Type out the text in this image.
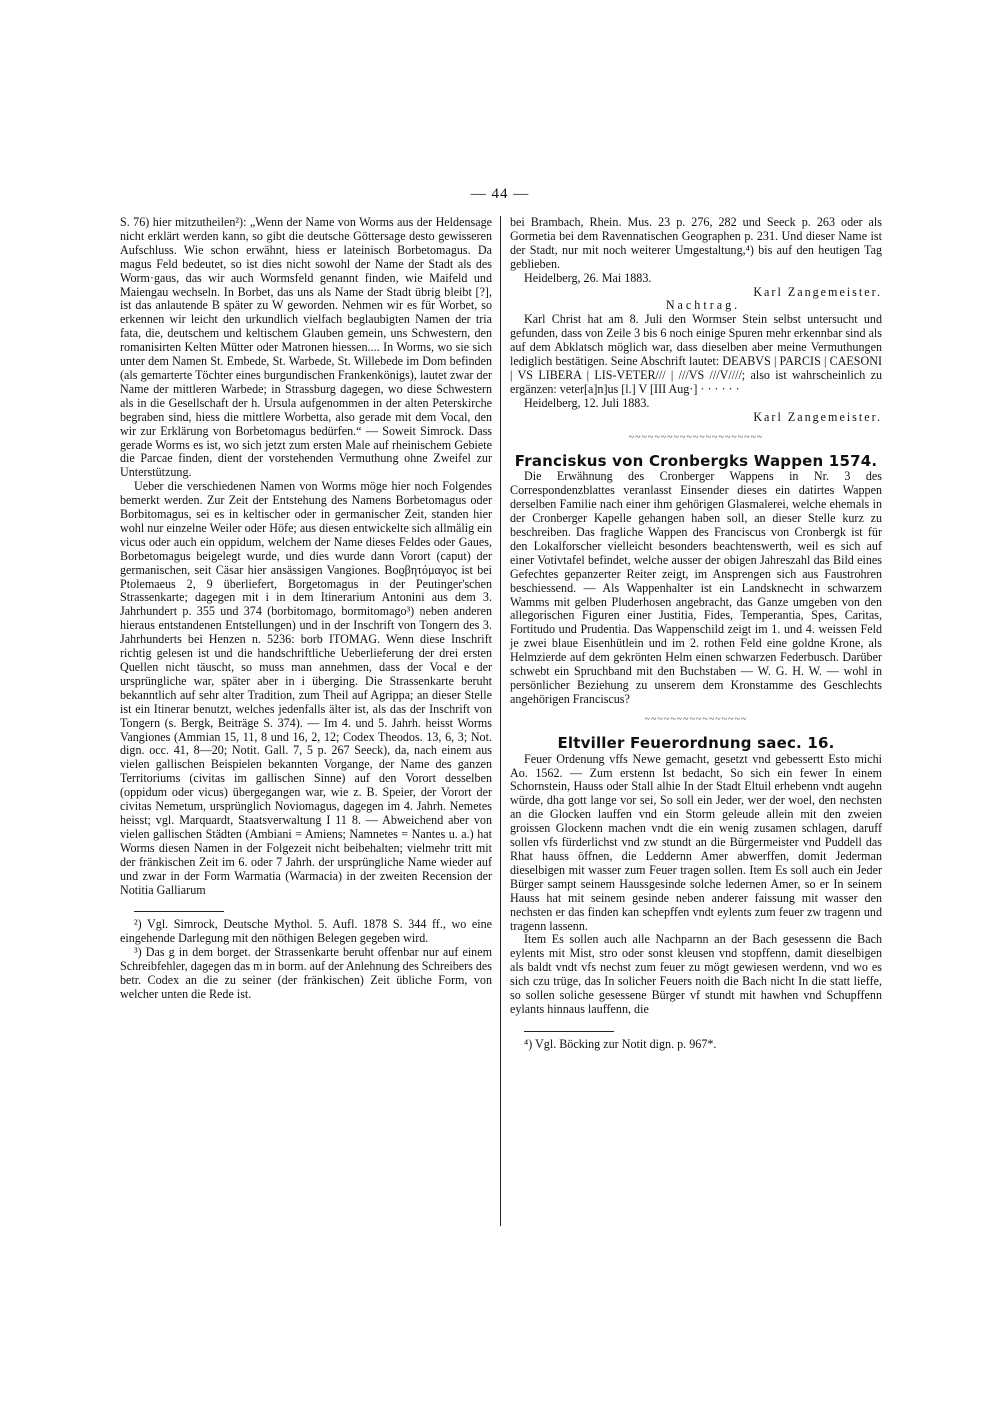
— 44 —

S. 76) hier mitzutheilen²): „Wenn der Name von Worms aus der Heldensage nicht erklärt werden kann, so gibt die deutsche Göttersage desto gewisseren Aufschluss. Wie schon erwähnt, hiess er lateinisch Borbetomagus. Da magus Feld bedeutet, so ist dies nicht sowohl der Name der Stadt als des Worm·gaus, das wir auch Wormsfeld genannt finden, wie Maifeld und Maiengau wechseln. In Borbet, das uns als Name der Stadt übrig bleibt [?], ist das anlautende B später zu W geworden. Nehmen wir es für Worbet, so erkennen wir leicht den urkundlich vielfach beglaubigten Namen der tria fata, die, deutschem und keltischem Glauben gemein, uns Schwestern, den romanisirten Kelten Mütter oder Matronen hiessen.... In Worms, wo sie sich unter dem Namen St. Embede, St. Warbede, St. Willebede im Dom befinden (als gemarterte Töchter eines burgundischen Frankenkönigs), lautet zwar der Name der mittleren Warbede; in Strassburg dagegen, wo diese Schwestern als in die Gesellschaft der h. Ursula aufgenommen in der alten Peterskirche begraben sind, hiess die mittlere Worbetta, also gerade mit dem Vocal, den wir zur Erklärung von Borbetomagus bedürfen.“ — Soweit Simrock. Dass gerade Worms es ist, wo sich jetzt zum ersten Male auf rheinischem Gebiete die Parcae finden, dient der vorstehenden Vermuthung ohne Zweifel zur Unterstützung.

Ueber die verschiedenen Namen von Worms möge hier noch Folgendes bemerkt werden. Zur Zeit der Entstehung des Namens Borbetomagus oder Borbitomagus, sei es in keltischer oder in germanischer Zeit, standen hier wohl nur einzelne Weiler oder Höfe; aus diesen entwickelte sich allmälig ein vicus oder auch ein oppidum, welchem der Name dieses Feldes oder Gaues, Borbetomagus beigelegt wurde, und dies wurde dann Vorort (caput) der germanischen, seit Cäsar hier ansässigen Vangiones. Βοϱβητόμαγος ist bei Ptolemaeus 2, 9 überliefert, Borgetomagus in der Peutinger'schen Strassenkarte; dagegen mit i in dem Itinerarium Antonini aus dem 3. Jahrhundert p. 355 und 374 (borbitomago, bormitomago³) neben anderen hieraus entstandenen Entstellungen) und in der Inschrift von Tongern des 3. Jahrhunderts bei Henzen n. 5236: borb ITOMAG. Wenn diese Inschrift richtig gelesen ist und die handschriftliche Ueberlieferung der drei ersten Quellen nicht täuscht, so muss man annehmen, dass der Vocal e der ursprüngliche war, später aber in i überging. Die Strassenkarte beruht bekanntlich auf sehr alter Tradition, zum Theil auf Agrippa; an dieser Stelle ist ein Itinerar benutzt, welches jedenfalls älter ist, als das der Inschrift von Tongern (s. Bergk, Beiträge S. 374). — Im 4. und 5. Jahrh. heisst Worms Vangiones (Ammian 15, 11, 8 und 16, 2, 12; Codex Theodos. 13, 6, 3; Not. dign. occ. 41, 8—20; Notit. Gall. 7, 5 p. 267 Seeck), da, nach einem aus vielen gallischen Beispielen bekannten Vorgange, der Name des ganzen Territoriums (civitas im gallischen Sinne) auf den Vorort desselben (oppidum oder vicus) übergegangen war, wie z. B. Speier, der Vorort der civitas Nemetum, ursprünglich Noviomagus, dagegen im 4. Jahrh. Nemetes heisst; vgl. Marquardt, Staatsverwaltung I 11 8. — Abweichend aber von vielen gallischen Städten (Ambiani = Amiens; Namnetes = Nantes u. a.) hat Worms diesen Namen in der Folgezeit nicht beibehalten; vielmehr tritt mit der fränkischen Zeit im 6. oder 7 Jahrh. der ursprüngliche Name wieder auf und zwar in der Form Warmatia (Warmacia) in der zweiten Recension der Notitia Galliarum

²) Vgl. Simrock, Deutsche Mythol. 5. Aufl. 1878 S. 344 ff., wo eine eingehende Darlegung mit den nöthigen Belegen gegeben wird.

³) Das g in dem borget. der Strassenkarte beruht offenbar nur auf einem Schreibfehler, dagegen das m in borm. auf der Anlehnung des Schreibers des betr. Codex an die zu seiner (der fränkischen) Zeit übliche Form, von welcher unten die Rede ist.

bei Brambach, Rhein. Mus. 23 p. 276, 282 und Seeck p. 263 oder als Gormetia bei dem Ravennatischen Geographen p. 231. Und dieser Name ist der Stadt, nur mit noch weiterer Umgestaltung,⁴) bis auf den heutigen Tag geblieben.

Heidelberg, 26. Mai 1883.

Karl Zangemeister.

Nachtrag.

Karl Christ hat am 8. Juli den Wormser Stein selbst untersucht und gefunden, dass von Zeile 3 bis 6 noch einige Spuren mehr erkennbar sind als auf dem Abklatsch möglich war, dass dieselben aber meine Vermuthungen lediglich bestätigen. Seine Abschrift lautet: DEABVS | PARCIS | CAESONI | VS LIBERA | LIS-VETER/// | ///VS ///V////; also ist wahrscheinlich zu ergänzen: veter[a]n]us [l.] V [III Aug·] · · · · · ·

Heidelberg, 12. Juli 1883.

Karl Zangemeister.

~~~~~~~~~~~~~~~~~~~~~
Franciskus von Cronbergks Wappen 1574.

Die Erwähnung des Cronberger Wappens in Nr. 3 des Correspondenzblattes veranlasst Einsender dieses ein datirtes Wappen derselben Familie nach einer ihm gehörigen Glasmalerei, welche ehemals in der Cronberger Kapelle gehangen haben soll, an dieser Stelle kurz zu beschreiben. Das fragliche Wappen des Franciscus von Cronbergk ist für den Lokalforscher vielleicht besonders beachtenswerth, weil es sich auf einer Votivtafel befindet, welche ausser der obigen Jahreszahl das Bild eines Gefechtes gepanzerter Reiter zeigt, im Ansprengen sich aus Faustrohren beschiessend. — Als Wappenhalter ist ein Landsknecht in schwarzem Wamms mit gelben Pluderhosen angebracht, das Ganze umgeben von den allegorischen Figuren einer Justitia, Fides, Temperantia, Spes, Caritas, Fortitudo und Prudentia. Das Wappenschild zeigt im 1. und 4. weissen Feld je zwei blaue Eisenhütlein und im 2. rothen Feld eine goldne Krone, als Helmzierde auf dem gekrönten Helm einen schwarzen Federbusch. Darüber schwebt ein Spruchband mit den Buchstaben — W. G. H. W. — wohl in persönlicher Beziehung zu unserem dem Kronstamme des Geschlechts angehörigen Franciscus?

~~~~~~~~~~~~~~~~
Eltviller Feuerordnung saec. 16.

Feuer Ordenung vffs Newe gemacht, gesetzt vnd gebessertt Esto michi Ao. 1562. — Zum erstenn Ist bedacht, So sich ein fewer In einem Schornstein, Hauss oder Stall alhie In der Stadt Eltuil erhebenn vndt augehn würde, dha gott lange vor sei, So soll ein Jeder, wer der woel, den nechsten an die Glocken lauffen vnd ein Storm geleude allein mit den zweien groissen Glockenn machen vndt die ein wenig zusamen schlagen, daruff sollen vfs fürderlichst vnd zw stundt an die Bürgermeister vnd Puddell das Rhat hauss öffnen, die Leddernn Amer abwerffen, domit Jederman dieselbigen mit wasser zum Feuer tragen sollen. Item Es soll auch ein Jeder Bürger sampt seinem Haussgesinde solche ledernen Amer, so er In seinem Hauss hat mit seinem gesinde neben anderer faissung mit wasser den nechsten er das finden kan schepffen vndt eylents zum feuer zw tragenn und tragenn lassenn.

Item Es sollen auch alle Nachparnn an der Bach gesessenn die Bach eylents mit Mist, stro oder sonst kleusen vnd stopffenn, damit dieselbigen als baldt vndt vfs nechst zum feuer zu mögt gewiesen werdenn, vnd wo es sich czu trüge, das In solicher Feuers noith die Bach nicht In die statt lieffe, so sollen soliche gesessene Bürger vf stundt mit hawhen vnd Schupffenn eylants hinnaus lauffenn, die

⁴) Vgl. Böcking zur Notit dign. p. 967*.
